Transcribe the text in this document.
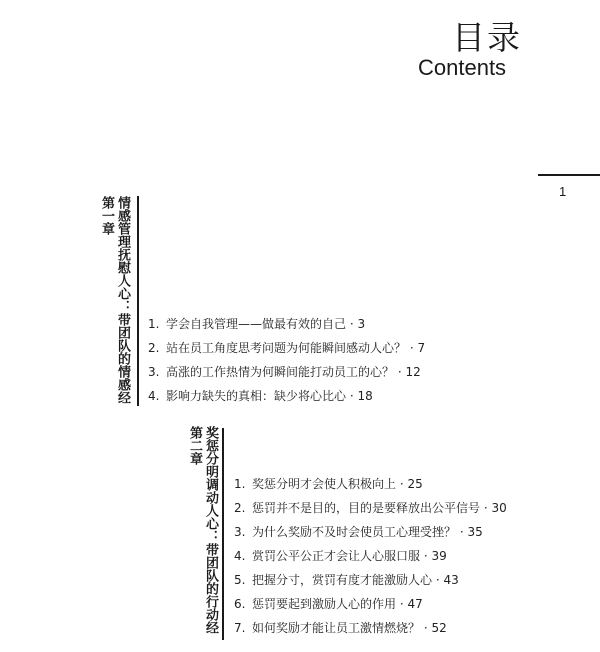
目录
Contents
1
第一章 情感管理抚慰人心：带团队的情感经 1. 学会自我管理——做最有效的自己 · 3
2. 站在员工角度思考问题为何能瞬间感动人心？ · 7
3. 高涨的工作热情为何瞬间能打动员工的心？ · 12
4. 影响力缺失的真相：缺少将心比心 · 18
第二章 奖惩分明调动人心：带团队的行动经 1. 奖惩分明才会使人积极向上 · 25
2. 惩罚并不是目的，目的是要释放出公平信号 · 30
3. 为什么奖励不及时会使员工心理受挫？ · 35
4. 赏罚公平公正才会让人心服口服 · 39
5. 把握分寸，赏罚有度才能激励人心 · 43
6. 惩罚要起到激励人心的作用 · 47
7. 如何奖励才能让员工激情燃烧？ · 52
